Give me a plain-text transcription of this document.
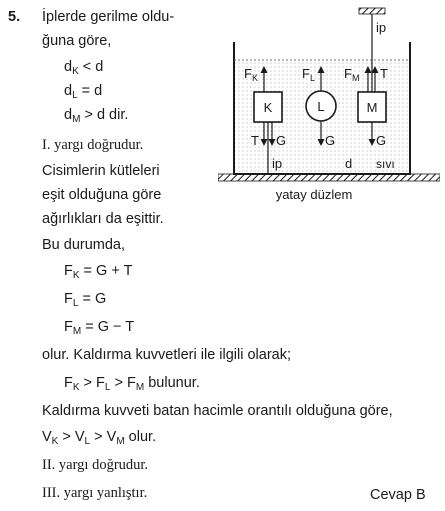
5. İplerde gerilme oldu-
ğuna göre,
$d_K < d$
$d_L = d$
$d_M > d$ dir.
I. yargı doğrudur.
Cisimlerin kütleleri
eşit olduğuna göre
ağırlıkları da eşittir.
Bu durumda,
$F_K = G + T$
$F_L = G$
$F_M = G - T$
olur. Kaldırma kuvvetleri ile ilgili olarak;
$F_K > F_L > F_M$ bulunur.
Kaldırma kuvveti batan hacimle orantılı olduğuna göre,
$V_K > V_L > V_M$ olur.
II. yargı doğrudur.
III. yargı yanlıştır.	Cevap B
ip
ip
K	L	M
$F_K$
T G
$F_L$
G
$F_M$ T
G
d sıvı
yatay düzlem
